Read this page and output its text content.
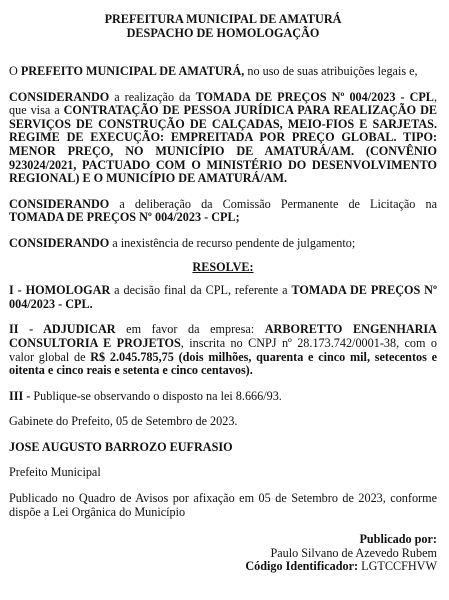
PREFEITURA MUNICIPAL DE AMATURÁ
DESPACHO DE HOMOLOGAÇÃO

O PREFEITO MUNICIPAL DE AMATURÁ, no uso de suas atribuições legais e,

CONSIDERANDO a realização da TOMADA DE PREÇOS Nº 004/2023 - CPL, que visa a CONTRATAÇÃO DE PESSOA JURÍDICA PARA REALIZAÇÃO DE SERVIÇOS DE CONSTRUÇÃO DE CALÇADAS, MEIO-FIOS E SARJETAS. REGIME DE EXECUÇÃO: EMPREITADA POR PREÇO GLOBAL. TIPO: MENOR PREÇO, NO MUNICÍPIO DE AMATURÁ/AM. (CONVÊNIO 923024/2021, PACTUADO COM O MINISTÉRIO DO DESENVOLVIMENTO REGIONAL) E O MUNICÍPIO DE AMATURÁ/AM.

CONSIDERANDO a deliberação da Comissão Permanente de Licitação na TOMADA DE PREÇOS Nº 004/2023 - CPL;

CONSIDERANDO a inexistência de recurso pendente de julgamento;

RESOLVE:

I - HOMOLOGAR a decisão final da CPL, referente a TOMADA DE PREÇOS Nº 004/2023 - CPL.

II - ADJUDICAR em favor da empresa: ARBORETTO ENGENHARIA CONSULTORIA E PROJETOS, inscrita no CNPJ nº 28.173.742/0001-38, com o valor global de R$ 2.045.785,75 (dois milhões, quarenta e cinco mil, setecentos e oitenta e cinco reais e setenta e cinco centavos).

III - Publique-se observando o disposto na lei 8.666/93.

Gabinete do Prefeito, 05 de Setembro de 2023.

JOSE AUGUSTO BARROZO EUFRASIO

Prefeito Municipal

Publicado no Quadro de Avisos por afixação em 05 de Setembro de 2023, conforme dispõe a Lei Orgânica do Município

Publicado por:
Paulo Silvano de Azevedo Rubem
Código Identificador: LGTCCFHVW
